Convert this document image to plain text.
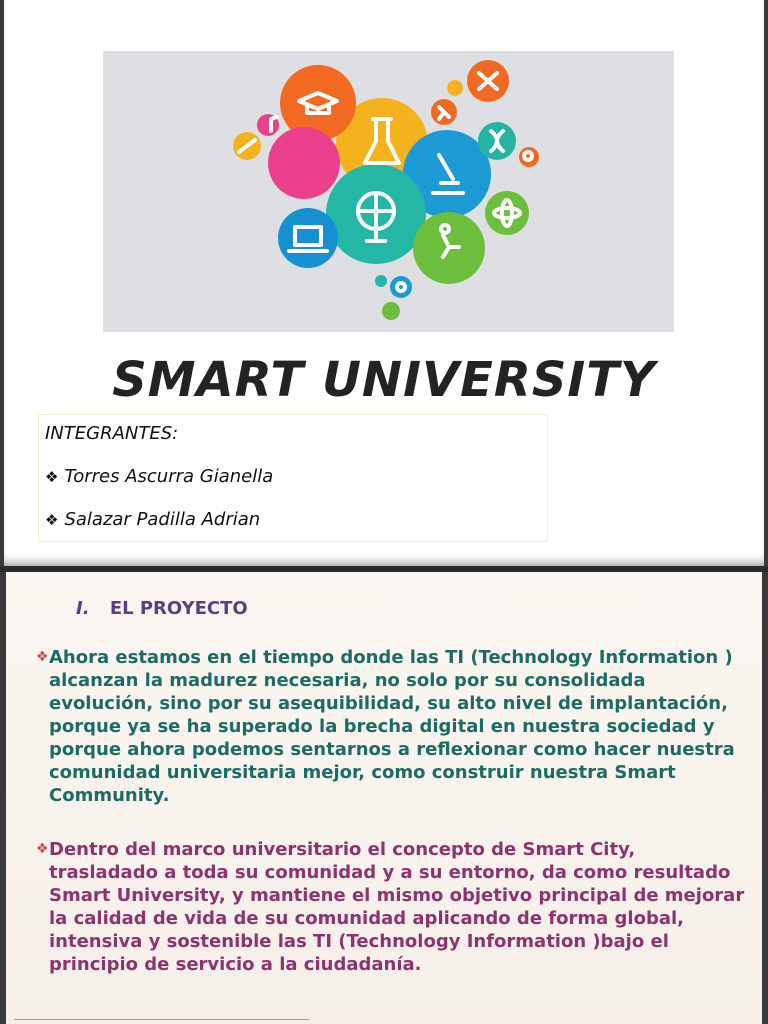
SMART UNIVERSITY
INTEGRANTES:
❖ Torres Ascurra Gianella
❖ Salazar Padilla Adrian
I. EL PROYECTO
❖ Ahora estamos en el tiempo donde las TI (Technology Information ) alcanzan la madurez necesaria, no solo por su consolidada evolución, sino por su asequibilidad, su alto nivel de implantación, porque ya se ha superado la brecha digital en nuestra sociedad y porque ahora podemos sentarnos a reflexionar como hacer nuestra comunidad universitaria mejor, como construir nuestra Smart Community.
❖ Dentro del marco universitario el concepto de Smart City, trasladado a toda su comunidad y a su entorno, da como resultado Smart University, y mantiene el mismo objetivo principal de mejorar la calidad de vida de su comunidad aplicando de forma global, intensiva y sostenible las TI (Technology Information )bajo el principio de servicio a la ciudadanía.
